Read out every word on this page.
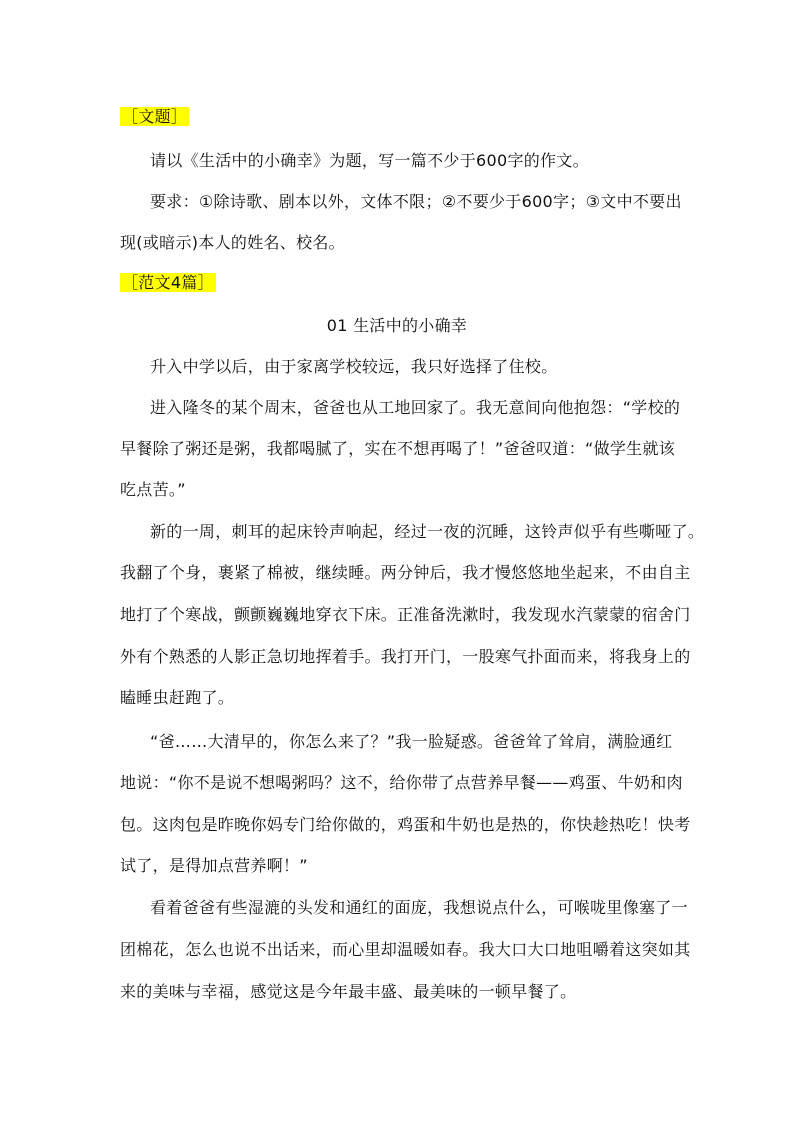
［文题］
请以《生活中的小确幸》为题，写一篇不少于600字的作文。
要求：①除诗歌、剧本以外，文体不限；②不要少于600字；③文中不要出
现(或暗示)本人的姓名、校名。
［范文4篇］
01 生活中的小确幸
升入中学以后，由于家离学校较远，我只好选择了住校。
进入隆冬的某个周末，爸爸也从工地回家了。我无意间向他抱怨：“学校的
早餐除了粥还是粥，我都喝腻了，实在不想再喝了！”爸爸叹道：“做学生就该
吃点苦。”
新的一周，刺耳的起床铃声响起，经过一夜的沉睡，这铃声似乎有些嘶哑了。
我翻了个身，裹紧了棉被，继续睡。两分钟后，我才慢悠悠地坐起来，不由自主
地打了个寒战，颤颤巍巍地穿衣下床。正准备洗漱时，我发现水汽蒙蒙的宿舍门
外有个熟悉的人影正急切地挥着手。我打开门，一股寒气扑面而来，将我身上的
瞌睡虫赶跑了。
“爸……大清早的，你怎么来了？”我一脸疑惑。爸爸耸了耸肩，满脸通红
地说：“你不是说不想喝粥吗？这不，给你带了点营养早餐——鸡蛋、牛奶和肉
包。这肉包是昨晚你妈专门给你做的，鸡蛋和牛奶也是热的，你快趁热吃！快考
试了，是得加点营养啊！”
看着爸爸有些湿漉的头发和通红的面庞，我想说点什么，可喉咙里像塞了一
团棉花，怎么也说不出话来，而心里却温暖如春。我大口大口地咀嚼着这突如其
来的美味与幸福，感觉这是今年最丰盛、最美味的一顿早餐了。
